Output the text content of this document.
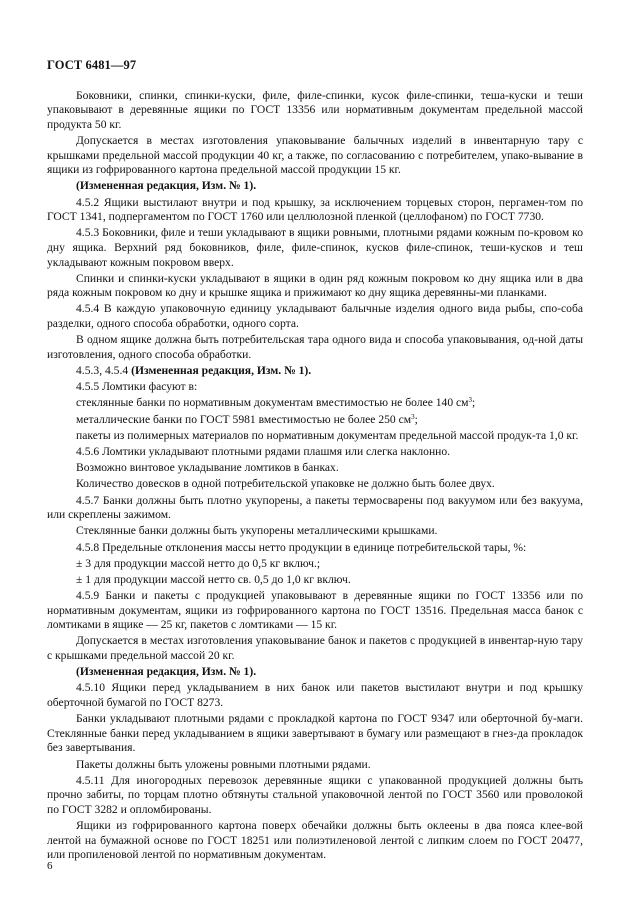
ГОСТ 6481—97

Боковники, спинки, спинки-куски, филе, филе-спинки, кусок филе-спинки, теша-куски и теши упаковывают в деревянные ящики по ГОСТ 13356 или нормативным документам предельной массой продукта 50 кг.

Допускается в местах изготовления упаковывание балычных изделий в инвентарную тару с крышками предельной массой продукции 40 кг, а также, по согласованию с потребителем, упако-вывание в ящики из гофрированного картона предельной массой продукции 15 кг.

(Измененная редакция, Изм. № 1).

4.5.2 Ящики выстилают внутри и под крышку, за исключением торцевых сторон, пергамен-том по ГОСТ 1341, подпергаментом по ГОСТ 1760 или целлюлозной пленкой (целлофаном) по ГОСТ 7730.

4.5.3 Боковники, филе и теши укладывают в ящики ровными, плотными рядами кожным по-кровом ко дну ящика. Верхний ряд боковников, филе, филе-спинок, кусков филе-спинок, теши-кусков и теш укладывают кожным покровом вверх.

Спинки и спинки-куски укладывают в ящики в один ряд кожным покровом ко дну ящика или в два ряда кожным покровом ко дну и крышке ящика и прижимают ко дну ящика деревянны-ми планками.

4.5.4 В каждую упаковочную единицу укладывают балычные изделия одного вида рыбы, спо-соба разделки, одного способа обработки, одного сорта.

В одном ящике должна быть потребительская тара одного вида и способа упаковывания, од-ной даты изготовления, одного способа обработки.

4.5.3, 4.5.4 (Измененная редакция, Изм. № 1).

4.5.5 Ломтики фасуют в:

стеклянные банки по нормативным документам вместимостью не более 140 $см^3$;

металлические банки по ГОСТ 5981 вместимостью не более 250 $см^3$;

пакеты из полимерных материалов по нормативным документам предельной массой продук-та 1,0 кг.

4.5.6 Ломтики укладывают плотными рядами плашмя или слегка наклонно.

Возможно винтовое укладывание ломтиков в банках.

Количество довесков в одной потребительской упаковке не должно быть более двух.

4.5.7 Банки должны быть плотно укупорены, а пакеты термосварены под вакуумом или без вакуума, или скреплены зажимом.

Стеклянные банки должны быть укупорены металлическими крышками.

4.5.8 Предельные отклонения массы нетто продукции в единице потребительской тары, %:

± 3 для продукции массой нетто до 0,5 кг включ.;

± 1 для продукции массой нетто св. 0,5 до 1,0 кг включ.

4.5.9 Банки и пакеты с продукцией упаковывают в деревянные ящики по ГОСТ 13356 или по нормативным документам, ящики из гофрированного картона по ГОСТ 13516. Предельная масса банок с ломтиками в ящике — 25 кг, пакетов с ломтиками — 15 кг.

Допускается в местах изготовления упаковывание банок и пакетов с продукцией в инвентар-ную тару с крышками предельной массой 20 кг.

(Измененная редакция, Изм. № 1).

4.5.10 Ящики перед укладыванием в них банок или пакетов выстилают внутри и под крышку оберточной бумагой по ГОСТ 8273.

Банки укладывают плотными рядами с прокладкой картона по ГОСТ 9347 или оберточной бу-маги. Стеклянные банки перед укладыванием в ящики завертывают в бумагу или размещают в гнез-да прокладок без завертывания.

Пакеты должны быть уложены ровными плотными рядами.

4.5.11 Для иногородных перевозок деревянные ящики с упакованной продукцией должны быть прочно забиты, по торцам плотно обтянуты стальной упаковочной лентой по ГОСТ 3560 или проволокой по ГОСТ 3282 и опломбированы.

Ящики из гофрированного картона поверх обечайки должны быть оклеены в два пояса клее-вой лентой на бумажной основе по ГОСТ 18251 или полиэтиленовой лентой с липким слоем по ГОСТ 20477, или пропиленовой лентой по нормативным документам.

6
